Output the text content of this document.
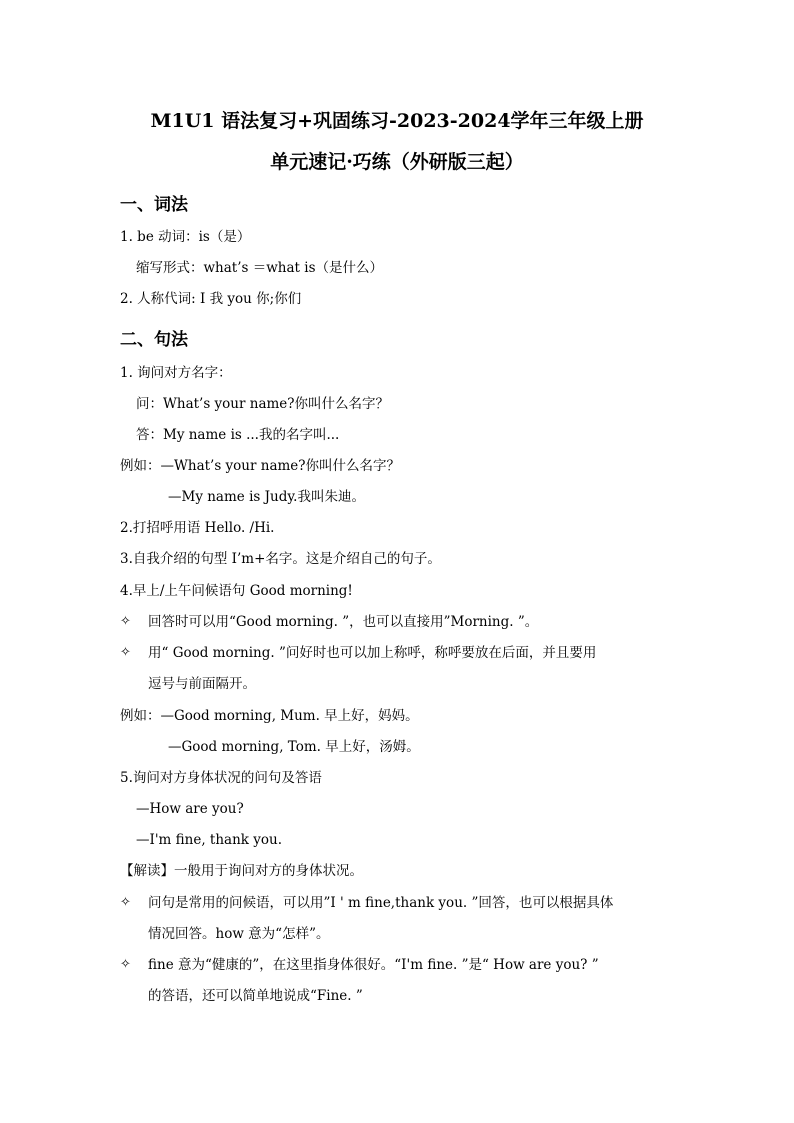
M1U1 语法复习+巩固练习-2023-2024学年三年级上册
单元速记·巧练（外研版三起）
一、词法
1. be 动词：is（是）
缩写形式：what’s ＝what is（是什么）
2. 人称代词: I 我 you 你;你们
二、句法
1. 询问对方名字：
问：What’s your name?你叫什么名字？
答：My name is ...我的名字叫...
例如：—What’s your name?你叫什么名字？
—My name is Judy.我叫朱迪。
2.打招呼用语 Hello. /Hi.
3.自我介绍的句型 I’m+名字。这是介绍自己的句子。
4.早上/上午问候语句 Good morning!
✧ 回答时可以用“Good morning. ”，也可以直接用”Morning. ”。
✧ 用“ Good morning. ”问好时也可以加上称呼，称呼要放在后面，并且要用
逗号与前面隔开。
例如：—Good morning, Mum. 早上好，妈妈。
—Good morning, Tom. 早上好，汤姆。
5.询问对方身体状况的问句及答语
—How are you?
—I'm fine, thank you.
【解读】一般用于询问对方的身体状况。
✧ 问句是常用的问候语，可以用”I ' m fine,thank you. ”回答，也可以根据具体
情况回答。how 意为“怎样”。
✧ fine 意为“健康的”，在这里指身体很好。“I'm fine. ”是“ How are you? ”
的答语，还可以简单地说成“Fine. ”
